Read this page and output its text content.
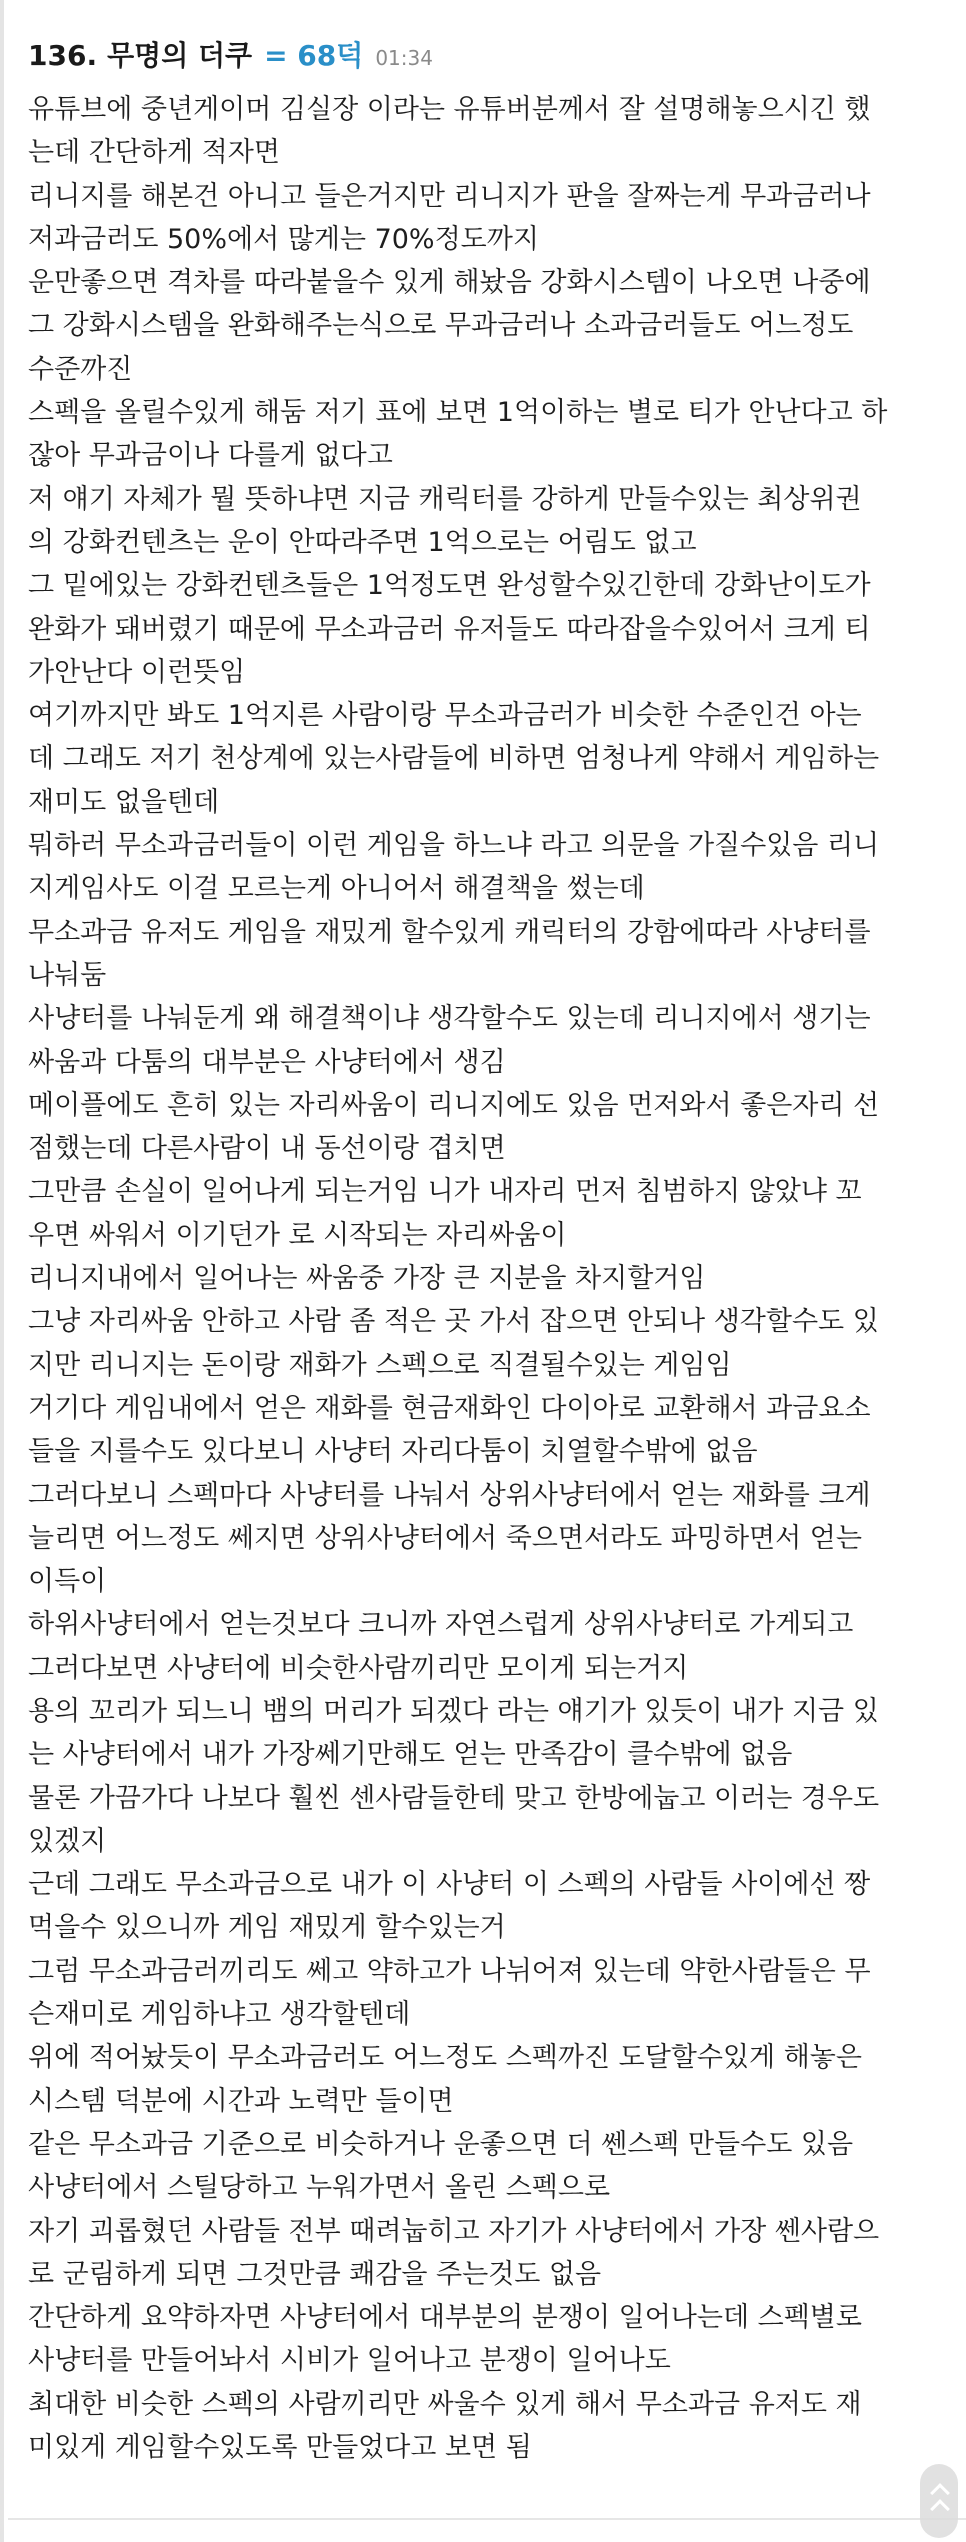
136. 무명의 더쿠 = 68덕 01:34
유튜브에 중년게이머 김실장 이라는 유튜버분께서 잘 설명해놓으시긴 했
는데 간단하게 적자면
리니지를 해본건 아니고 들은거지만 리니지가 판을 잘짜는게 무과금러나
저과금러도 50%에서 많게는 70%정도까지
운만좋으면 격차를 따라붙을수 있게 해놨음 강화시스템이 나오면 나중에
그 강화시스템을 완화해주는식으로 무과금러나 소과금러들도 어느정도
수준까진
스펙을 올릴수있게 해둠 저기 표에 보면 1억이하는 별로 티가 안난다고 하
잖아 무과금이나 다를게 없다고
저 얘기 자체가 뭘 뜻하냐면 지금 캐릭터를 강하게 만들수있는 최상위권
의 강화컨텐츠는 운이 안따라주면 1억으로는 어림도 없고
그 밑에있는 강화컨텐츠들은 1억정도면 완성할수있긴한데 강화난이도가
완화가 돼버렸기 때문에 무소과금러 유저들도 따라잡을수있어서 크게 티
가안난다 이런뜻임
여기까지만 봐도 1억지른 사람이랑 무소과금러가 비슷한 수준인건 아는
데 그래도 저기 천상계에 있는사람들에 비하면 엄청나게 약해서 게임하는
재미도 없을텐데
뭐하러 무소과금러들이 이런 게임을 하느냐 라고 의문을 가질수있음 리니
지게임사도 이걸 모르는게 아니어서 해결책을 썼는데
무소과금 유저도 게임을 재밌게 할수있게 캐릭터의 강함에따라 사냥터를
나눠둠
사냥터를 나눠둔게 왜 해결책이냐 생각할수도 있는데 리니지에서 생기는
싸움과 다툼의 대부분은 사냥터에서 생김
메이플에도 흔히 있는 자리싸움이 리니지에도 있음 먼저와서 좋은자리 선
점했는데 다른사람이 내 동선이랑 겹치면
그만큼 손실이 일어나게 되는거임 니가 내자리 먼저 침범하지 않았냐 꼬
우면 싸워서 이기던가 로 시작되는 자리싸움이
리니지내에서 일어나는 싸움중 가장 큰 지분을 차지할거임
그냥 자리싸움 안하고 사람 좀 적은 곳 가서 잡으면 안되나 생각할수도 있
지만 리니지는 돈이랑 재화가 스펙으로 직결될수있는 게임임
거기다 게임내에서 얻은 재화를 현금재화인 다이아로 교환해서 과금요소
들을 지를수도 있다보니 사냥터 자리다툼이 치열할수밖에 없음
그러다보니 스펙마다 사냥터를 나눠서 상위사냥터에서 얻는 재화를 크게
늘리면 어느정도 쎄지면 상위사냥터에서 죽으면서라도 파밍하면서 얻는
이득이
하위사냥터에서 얻는것보다 크니까 자연스럽게 상위사냥터로 가게되고
그러다보면 사냥터에 비슷한사람끼리만 모이게 되는거지
용의 꼬리가 되느니 뱀의 머리가 되겠다 라는 얘기가 있듯이 내가 지금 있
는 사냥터에서 내가 가장쎄기만해도 얻는 만족감이 클수밖에 없음
물론 가끔가다 나보다 훨씬 센사람들한테 맞고 한방에눕고 이러는 경우도
있겠지
근데 그래도 무소과금으로 내가 이 사냥터 이 스펙의 사람들 사이에선 짱
먹을수 있으니까 게임 재밌게 할수있는거
그럼 무소과금러끼리도 쎄고 약하고가 나뉘어져 있는데 약한사람들은 무
슨재미로 게임하냐고 생각할텐데
위에 적어놨듯이 무소과금러도 어느정도 스펙까진 도달할수있게 해놓은
시스템 덕분에 시간과 노력만 들이면
같은 무소과금 기준으로 비슷하거나 운좋으면 더 쎈스펙 만들수도 있음
사냥터에서 스틸당하고 누워가면서 올린 스펙으로
자기 괴롭혔던 사람들 전부 때려눕히고 자기가 사냥터에서 가장 쎈사람으
로 군림하게 되면 그것만큼 쾌감을 주는것도 없음
간단하게 요약하자면 사냥터에서 대부분의 분쟁이 일어나는데 스펙별로
사냥터를 만들어놔서 시비가 일어나고 분쟁이 일어나도
최대한 비슷한 스펙의 사람끼리만 싸울수 있게 해서 무소과금 유저도 재
미있게 게임할수있도록 만들었다고 보면 됨
